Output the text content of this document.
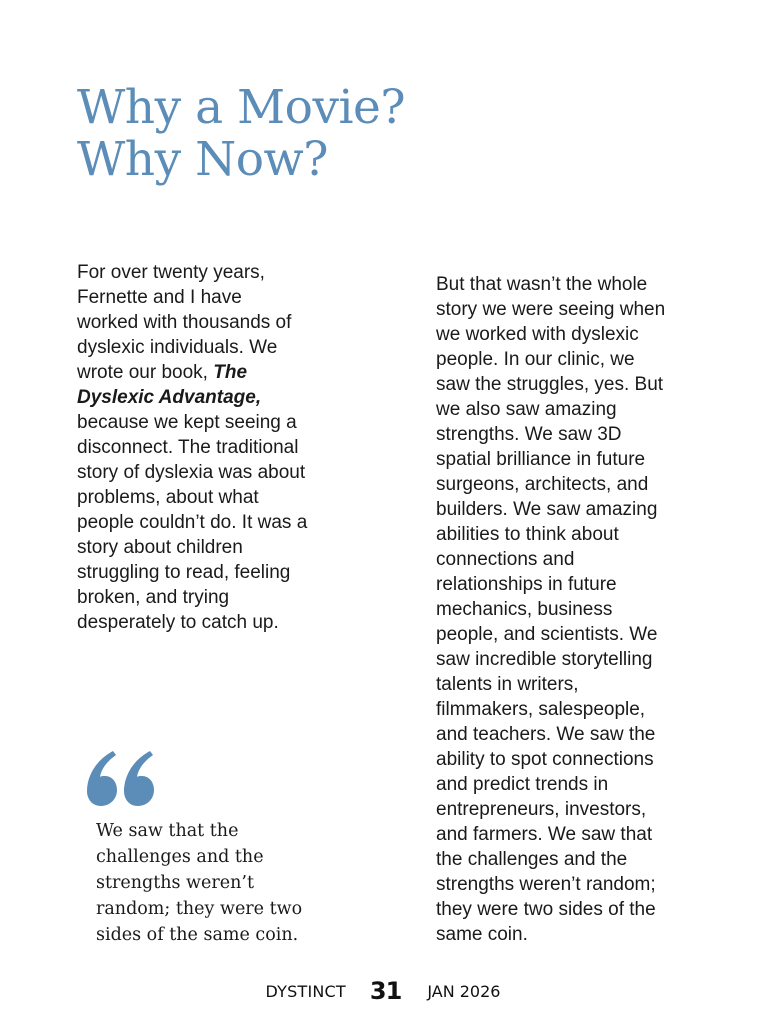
Why a Movie?
Why Now?

For over twenty years,
Fernette and I have
worked with thousands of
dyslexic individuals. We
wrote our book, The
Dyslexic Advantage,
because we kept seeing a
disconnect. The traditional
story of dyslexia was about
problems, about what
people couldn’t do. It was a
story about children
struggling to read, feeling
broken, and trying
desperately to catch up.

But that wasn’t the whole
story we were seeing when
we worked with dyslexic
people. In our clinic, we
saw the struggles, yes. But
we also saw amazing
strengths. We saw 3D
spatial brilliance in future
surgeons, architects, and
builders. We saw amazing
abilities to think about
connections and
relationships in future
mechanics, business
people, and scientists. We
saw incredible storytelling
talents in writers,
filmmakers, salespeople,
and teachers. We saw the
ability to spot connections
and predict trends in
entrepreneurs, investors,
and farmers. We saw that
the challenges and the
strengths weren’t random;
they were two sides of the
same coin.

We saw that the
challenges and the
strengths weren’t
random; they were two
sides of the same coin.
DYSTINCT 31 JAN 2026
